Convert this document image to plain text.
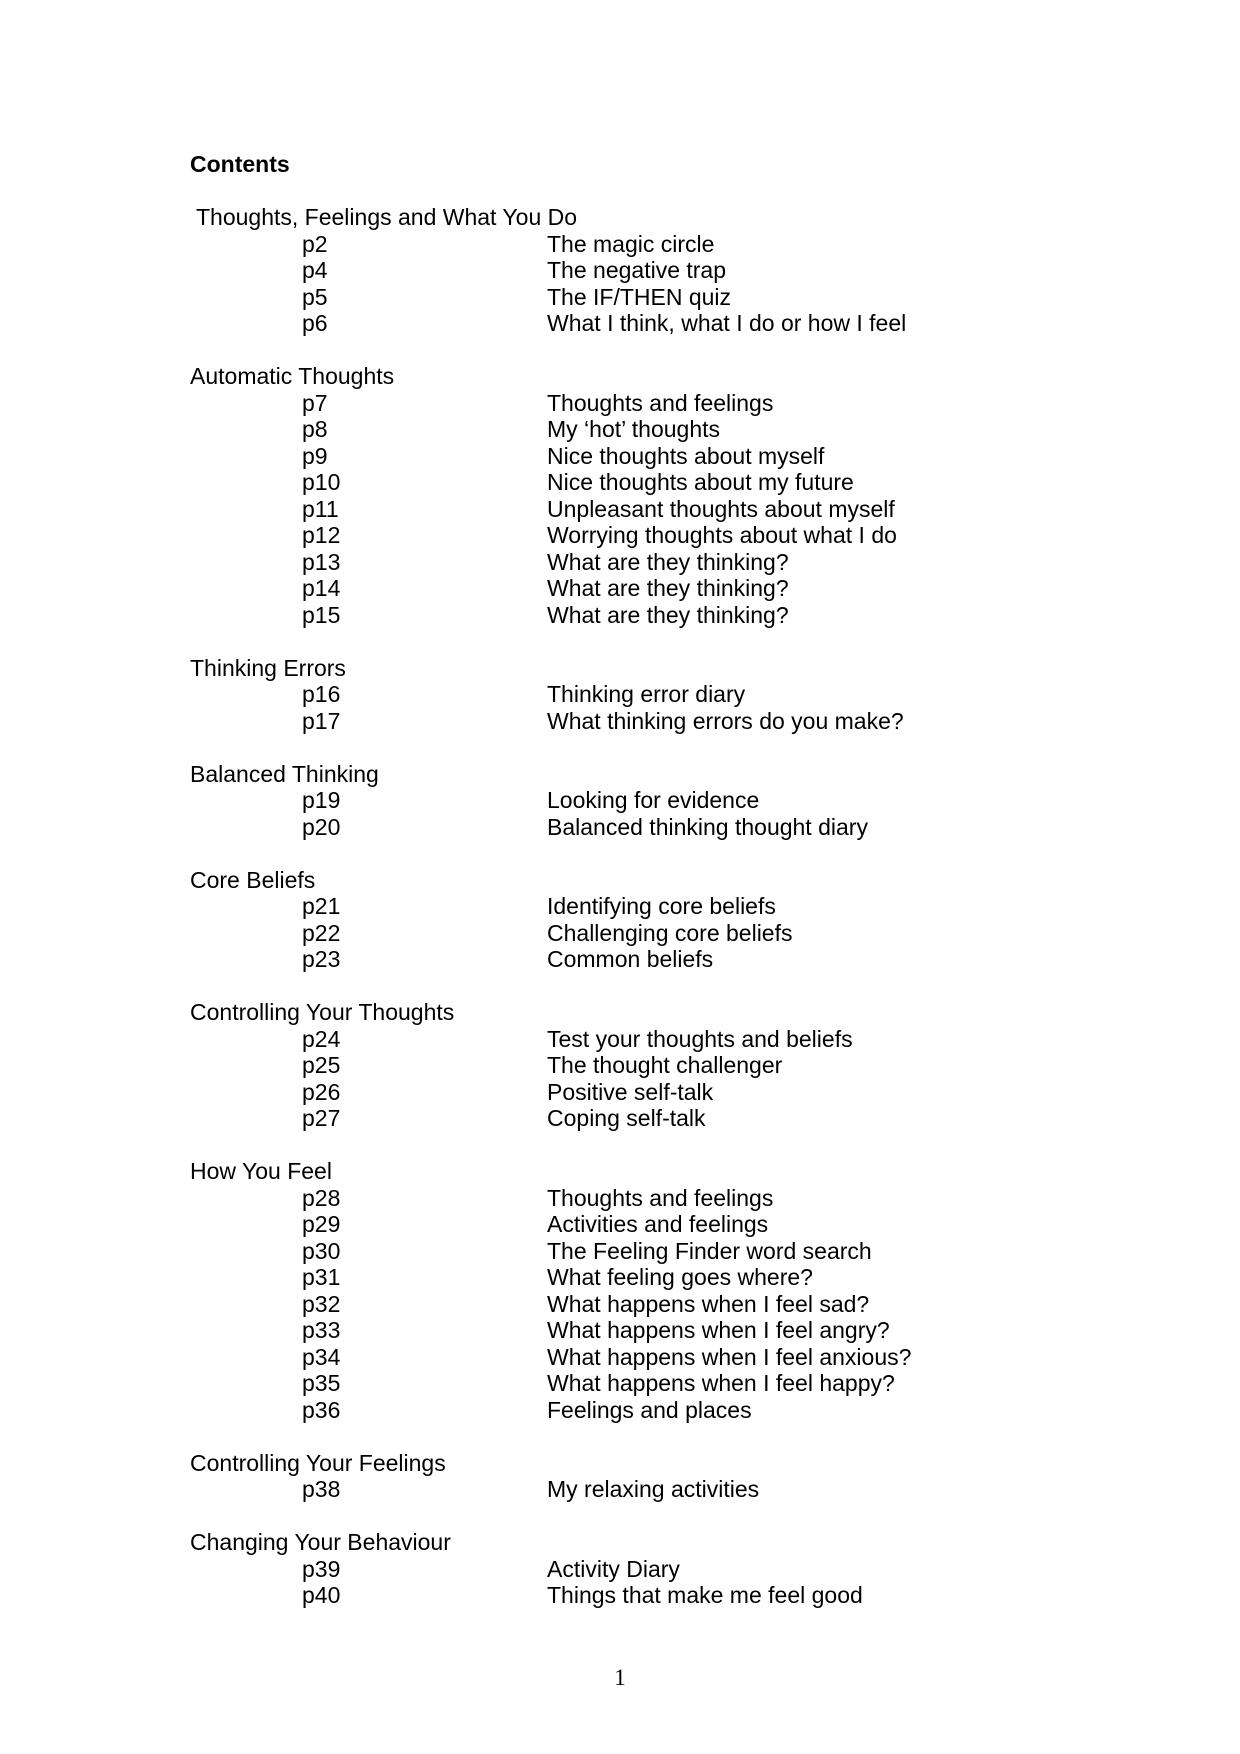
Contents
Thoughts, Feelings and What You Do
p2	The magic circle
p4	The negative trap
p5	The IF/THEN quiz
p6	What I think, what I do or how I feel
Automatic Thoughts
p7	Thoughts and feelings
p8	My ‘hot’ thoughts
p9	Nice thoughts about myself
p10	Nice thoughts about my future
p11	Unpleasant thoughts about myself
p12	Worrying thoughts about what I do
p13	What are they thinking?
p14	What are they thinking?
p15	What are they thinking?
Thinking Errors
p16	Thinking error diary
p17	What thinking errors do you make?
Balanced Thinking
p19	Looking for evidence
p20	Balanced thinking thought diary
Core Beliefs
p21	Identifying core beliefs
p22	Challenging core beliefs
p23	Common beliefs
Controlling Your Thoughts
p24	Test your thoughts and beliefs
p25	The thought challenger
p26	Positive self-talk
p27	Coping self-talk
How You Feel
p28	Thoughts and feelings
p29	Activities and feelings
p30	The Feeling Finder word search
p31	What feeling goes where?
p32	What happens when I feel sad?
p33	What happens when I feel angry?
p34	What happens when I feel anxious?
p35	What happens when I feel happy?
p36	Feelings and places
Controlling Your Feelings
p38	My relaxing activities
Changing Your Behaviour
p39	Activity Diary
p40	Things that make me feel good
1
